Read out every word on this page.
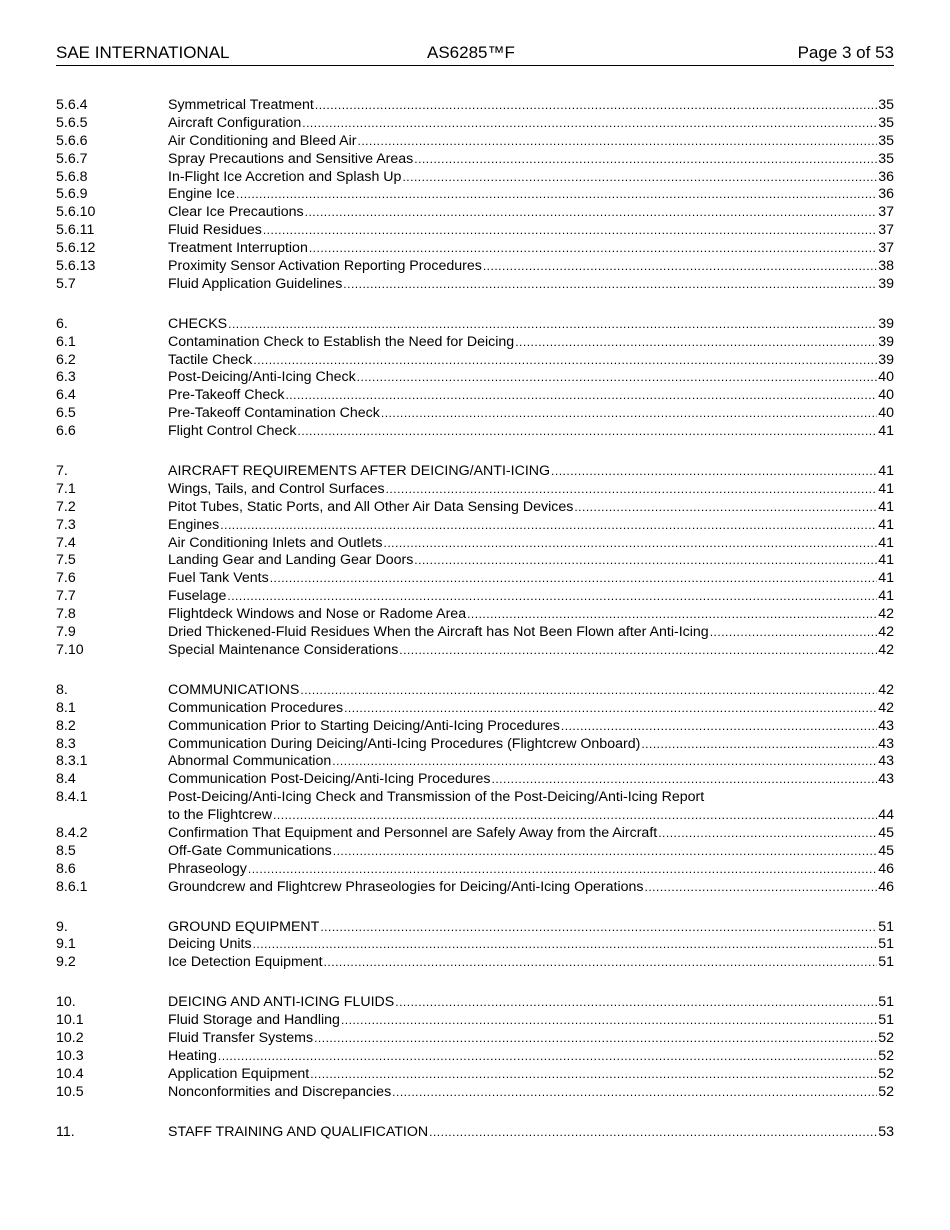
SAE INTERNATIONAL	AS6285™F	Page 3 of 53
5.6.4	Symmetrical Treatment .....	35
5.6.5	Aircraft Configuration .....	35
5.6.6	Air Conditioning and Bleed Air .....	35
5.6.7	Spray Precautions and Sensitive Areas .....	35
5.6.8	In-Flight Ice Accretion and Splash Up .....	36
5.6.9	Engine Ice .....	36
5.6.10	Clear Ice Precautions .....	37
5.6.11	Fluid Residues .....	37
5.6.12	Treatment Interruption .....	37
5.6.13	Proximity Sensor Activation Reporting Procedures .....	38
5.7	Fluid Application Guidelines .....	39
6.	CHECKS .....	39
6.1	Contamination Check to Establish the Need for Deicing .....	39
6.2	Tactile Check .....	39
6.3	Post-Deicing/Anti-Icing Check .....	40
6.4	Pre-Takeoff Check .....	40
6.5	Pre-Takeoff Contamination Check .....	40
6.6	Flight Control Check .....	41
7.	AIRCRAFT REQUIREMENTS AFTER DEICING/ANTI-ICING .....	41
7.1	Wings, Tails, and Control Surfaces .....	41
7.2	Pitot Tubes, Static Ports, and All Other Air Data Sensing Devices .....	41
7.3	Engines .....	41
7.4	Air Conditioning Inlets and Outlets .....	41
7.5	Landing Gear and Landing Gear Doors .....	41
7.6	Fuel Tank Vents .....	41
7.7	Fuselage .....	41
7.8	Flightdeck Windows and Nose or Radome Area .....	42
7.9	Dried Thickened-Fluid Residues When the Aircraft has Not Been Flown after Anti-Icing .....	42
7.10	Special Maintenance Considerations .....	42
8.	COMMUNICATIONS .....	42
8.1	Communication Procedures .....	42
8.2	Communication Prior to Starting Deicing/Anti-Icing Procedures .....	43
8.3	Communication During Deicing/Anti-Icing Procedures (Flightcrew Onboard) .....	43
8.3.1	Abnormal Communication .....	43
8.4	Communication Post-Deicing/Anti-Icing Procedures .....	43
8.4.1	Post-Deicing/Anti-Icing Check and Transmission of the Post-Deicing/Anti-Icing Report
to the Flightcrew .....	44
8.4.2	Confirmation That Equipment and Personnel are Safely Away from the Aircraft .....	45
8.5	Off-Gate Communications .....	45
8.6	Phraseology .....	46
8.6.1	Groundcrew and Flightcrew Phraseologies for Deicing/Anti-Icing Operations .....	46
9.	GROUND EQUIPMENT .....	51
9.1	Deicing Units .....	51
9.2	Ice Detection Equipment .....	51
10.	DEICING AND ANTI-ICING FLUIDS .....	51
10.1	Fluid Storage and Handling .....	51
10.2	Fluid Transfer Systems .....	52
10.3	Heating .....	52
10.4	Application Equipment .....	52
10.5	Nonconformities and Discrepancies .....	52
11.	STAFF TRAINING AND QUALIFICATION .....	53
